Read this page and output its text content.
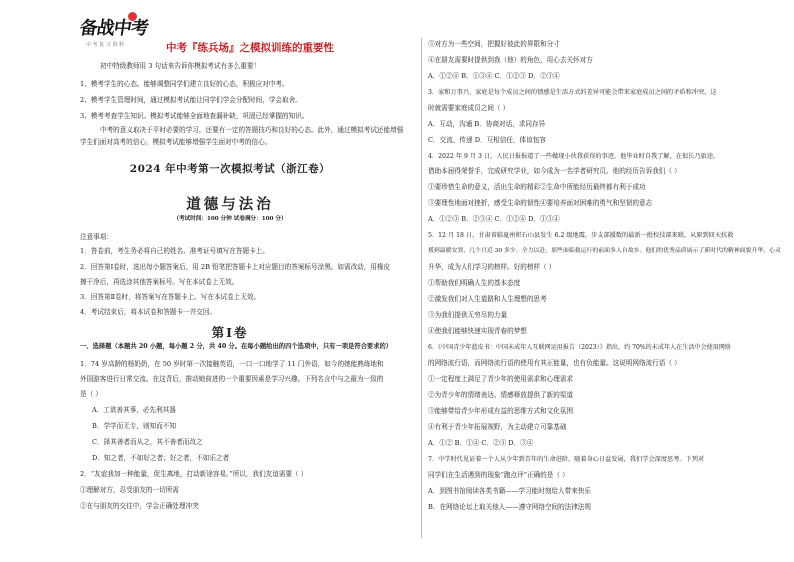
备战中考
中 考 复 习 资 料	中考『练兵场』之模拟训练的重要性
初中特级教师用 3 句话来告诉你模拟考试有多么重要！
1、模考学生的心态。能够调整同学们建立良好的心态，积极应对中考。
2、模考学生管理时间，通过模拟考试能让同学们学会分配时间，学会取舍。
3、模考考查学生知识。模拟考试能够全面地查漏补缺，巩固已经掌握的知识。
中考的意义取决于平时必要的学习，还要有一定的答题技巧和良好的心态。此外，通过模拟考试还能增强
学生们面对高考的信心，模拟考试能够增强学生面对中考的信心。
2024 年中考第一次模拟考试（浙江卷）
道德与法治
（考试时间：100 分钟 试卷满分：100 分）
注意事项：
1．答卷前，考生务必将自己的姓名、准考证号填写在答题卡上。
2．回答第Ⅰ卷时，选出每小题答案后，用 2B 铅笔把答题卡上对应题目的答案标号涂黑。如需改动，用橡皮
擦干净后，再选涂其他答案标号。写在本试卷上无效。
3．回答第Ⅱ卷时，将答案写在答题卡上。写在本试卷上无效。
4．考试结束后，将本试卷和答题卡一并交回。
第Ⅰ卷
一、选择题（本题共 20 小题，每小题 2 分，共 40 分。在每小题给出的四个选项中，只有一项是符合要求的）
1．74 岁高龄的杨奶奶，在 50 岁时第一次接触英语，一口一口地学了 11 门外语，如今的她能熟练地和
外国游客进行日常交流。在这背后，推动她前进的一个重要因素是学习兴趣。下列名言中与之最为一致的
是（ ）
A．工欲善其事，必先利其器
B．学学而无专，则知而不知
C．择其善者而从之，其不善者而改之
D．知之者，不如好之者；好之者，不如乐之者
2．“友谊我加一种能量，促生离地，打动新途容易。”所以，我们友谊需要（ ）
①理解对方，忍受朋友的一切所需
②在与朋友的交往中，学会正确处理冲突
③对方为一些空间，把握好彼此的界限和分寸
④在朋友需要时提供到我（他）的角色，用心去关怀对方
A．①②④ B．①③④ C．①②③ D．②③④
3．家和万事兴，家庭是每个成员之间的情感是生活方式的差异可能会带来家庭成员之间的矛盾和冲突，这
时就需要家庭成员之间（ ）
A．互动，沟通 B．协商对话，求同存异
C．交流，传递 D．互相信任，体谅包容
4．2022 年 9 月 3 日，人民日报报道了一些做现小伙我获得的事迹，他毕业时自我了解，在很长乃旅途，
借助本届得荣誉手，完成研究学业，如今成为一名学者研究员。他的经历告诉我们（ ）
①要珍惜生命的意义，活出生命的精彩②生命中所能经历最终都有利于成功
③要理性地面对挫折，感受生命的韧性④要培养面对困难的勇气和坚韧的意志
A．①②③ B．②③④ C．①②④ D．①③④
5．12 月 18 日，甘肃省临夏州积石山县发生 6.2 级地震，步支部援数的最新一批校技部来联，从原到回天抗救
援到温暖安置，几个月近 30 多少，全力以赴，那些面临救运行的前面多人自故乡。他们的优秀品质展示了新时代的精神面貌升华，心灵
升华，成为人们学习的榜样。好的榜样（ ）
①帮助我们明确人生的基本态度
②激发我们对人生道路和人生理想的思考
③为我们提供无穷尽的力量
④使我们能够快速实现青春的梦想
6．《中国青少年蓝皮书：中国未成年人互联网运用报告（2023）》指出，约 70%的未成年人在生活中会使用网络
的网络流行语，而网络流行语的使用有其正能量，也有负能量。这说明网络流行语（ ）
①一定程度上满足了青少年的使用需求和心理需求
②为青少年的情绪表达、情感释放提供了新的渠道
③能够带给青少年形成有益的思维方式和文化氛围
④有利于青少年拓展视野，为主动建立可靠基础
A．①② B．①④ C．②③ D．③④
7．中学时代见证着一个人从少年到青年的生命进阶，随着身心日益发展，我们学会深度思考。下列对
同学们在生活遇到的现象“跑点评”正确的是（ ）
A．到图书馆阅读各类书籍——学习能时刻给人带来快乐
B．在网络论坛上取关他人——遵守网络空间的法律法规
